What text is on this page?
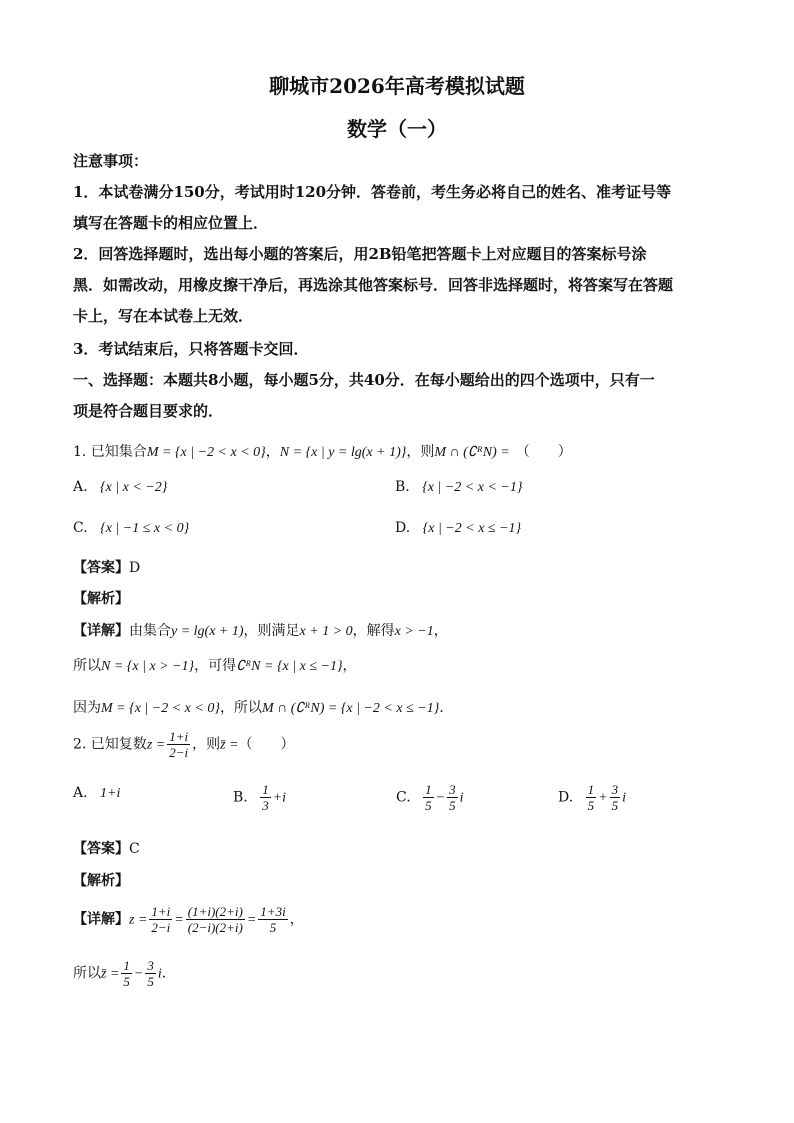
聊城市2026年高考模拟试题
数学（一）
注意事项：
1．本试卷满分150分，考试用时120分钟．答卷前，考生务必将自己的姓名、准考证号等
填写在答题卡的相应位置上．
2．回答选择题时，选出每小题的答案后，用2B铅笔把答题卡上对应题目的答案标号涂
黑．如需改动，用橡皮擦干净后，再选涂其他答案标号．回答非选择题时，将答案写在答题
卡上，写在本试卷上无效．
3．考试结束后，只将答题卡交回．
一、选择题：本题共8小题，每小题5分，共40分．在每小题给出的四个选项中，只有一
项是符合题目要求的．
1. 已知集合M = {x | −2 < x < 0}，N = {x | y = lg(x + 1)}，则M ∩ (∁ᴿN) = （　　）
A. {x | x < −2}	B. {x | −2 < x < −1}
C. {x | −1 ≤ x < 0}	D. {x | −2 < x ≤ −1}
【答案】D
【解析】
【详解】由集合y = lg(x + 1)，则满足x + 1 > 0，解得x > −1，
所以N = {x | x > −1}，可得∁ᴿN = {x | x ≤ −1}，
因为M = {x | −2 < x < 0}，所以M ∩ (∁ᴿN) = {x | −2 < x ≤ −1}．
2. 已知复数$z = \frac{1+i}{2-i}$ ，则z̄ =（　　）
A. 1+i	B. $\frac{1}{3} +i$	C. $\frac{1}{5} - \frac{3}{5}$ i	D. $\frac{1}{5} + \frac{3}{5}$ i
【答案】C
【解析】
【详解】$z = \frac{1+i}{2-i} = \frac{(1+i)(2+i)}{(2-i)(2+i)} = \frac{1+3i}{5}$ ，
所以z̄ = $\frac{1}{5} - \frac{3}{5}$ i．
